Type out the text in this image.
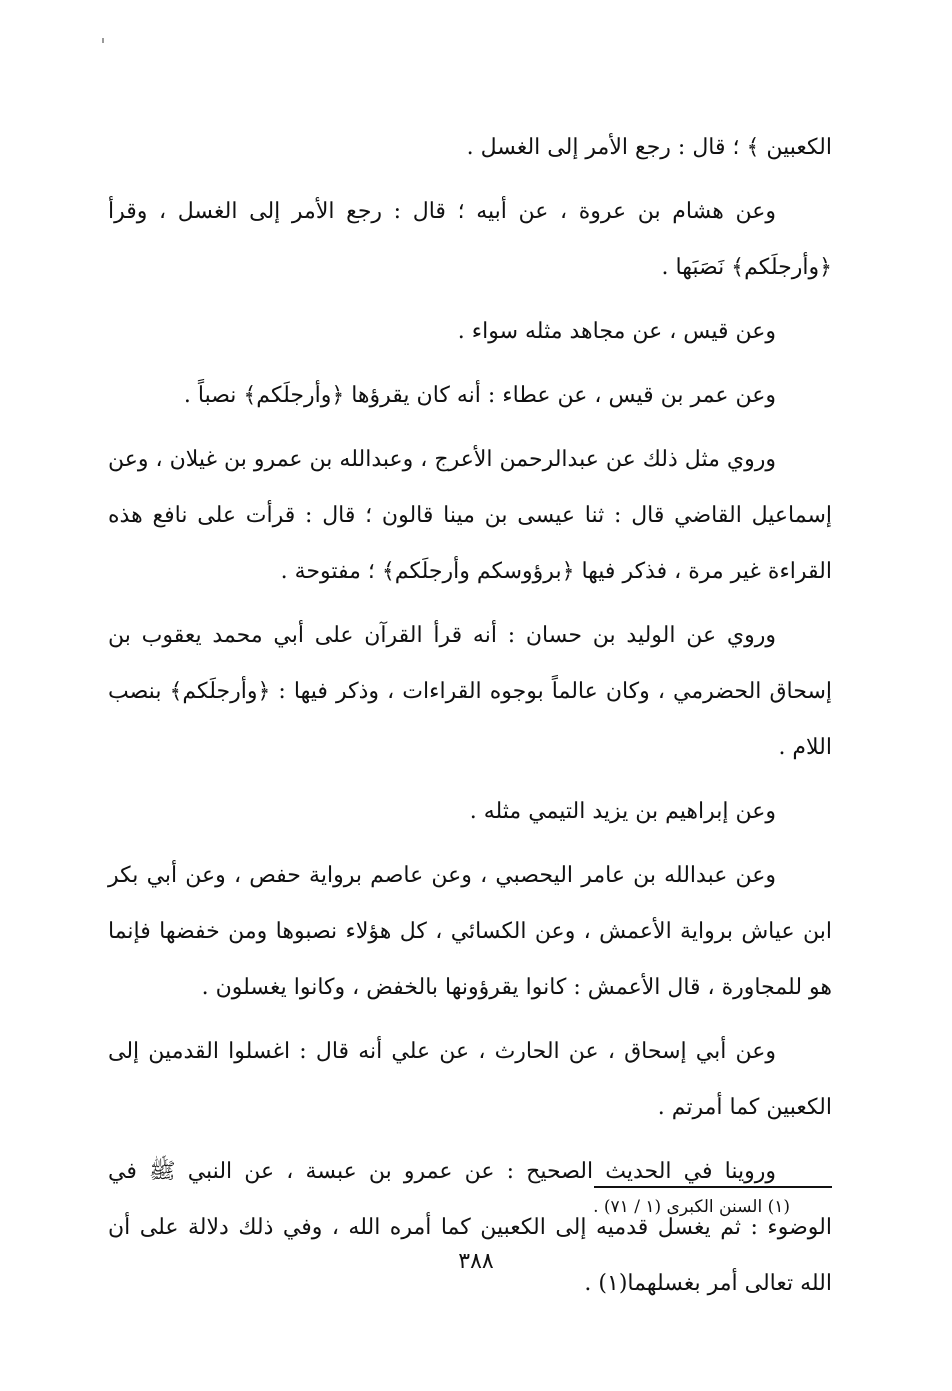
الكعبين ﴾ ؛ قال : رجع الأمر إلى الغسل .

وعن هشام بن عروة ، عن أبيه ؛ قال : رجع الأمر إلى الغسل ، وقرأ ﴿وأرجلَكم﴾ نَصَبَها .

وعن قيس ، عن مجاهد مثله سواء .

وعن عمر بن قيس ، عن عطاء : أنه كان يقرؤها ﴿وأرجلَكم﴾ نصباً .

وروي مثل ذلك عن عبدالرحمن الأعرج ، وعبدالله بن عمرو بن غيلان ، وعن إسماعيل القاضي قال : ثنا عيسى بن مينا قالون ؛ قال : قرأت على نافع هذه القراءة غير مرة ، فذكر فيها ﴿برؤوسكم وأرجلَكم﴾ ؛ مفتوحة .

وروي عن الوليد بن حسان : أنه قرأ القرآن على أبي محمد يعقوب بن إسحاق الحضرمي ، وكان عالماً بوجوه القراءات ، وذكر فيها : ﴿وأرجلَكم﴾ بنصب اللام .

وعن إبراهيم بن يزيد التيمي مثله .

وعن عبدالله بن عامر اليحصبي ، وعن عاصم برواية حفص ، وعن أبي بكر ابن عياش برواية الأعمش ، وعن الكسائي ، كل هؤلاء نصبوها ومن خفضها فإنما هو للمجاورة ، قال الأعمش : كانوا يقرؤونها بالخفض ، وكانوا يغسلون .

وعن أبي إسحاق ، عن الحارث ، عن علي أنه قال : اغسلوا القدمين إلى الكعبين كما أمرتم .

وروينا في الحديث الصحيح : عن عمرو بن عبسة ، عن النبي ﷺ في الوضوء : ثم يغسل قدميه إلى الكعبين كما أمره الله ، وفي ذلك دلالة على أن الله تعالى أمر بغسلهما(١) .

(١) السنن الكبرى (١ / ٧١) .
٣٨٨
